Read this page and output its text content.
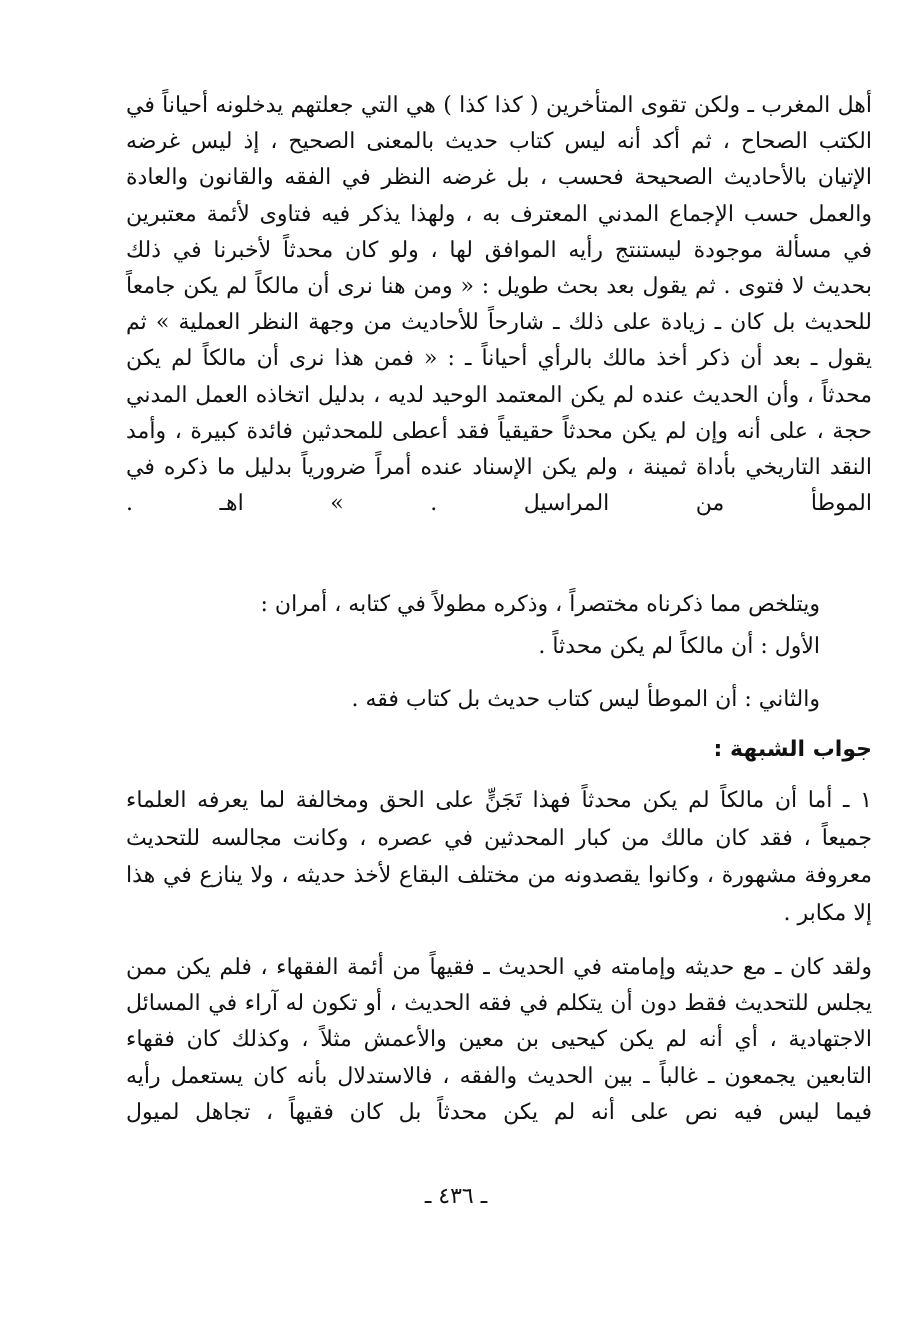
أهل المغرب ـ ولكن تقوى المتأخرين ( كذا كذا ) هي التي جعلتهم يدخلونه أحياناً في الكتب الصحاح ، ثم أكد أنه ليس كتاب حديث بالمعنى الصحيح ، إذ ليس غرضه الإتيان بالأحاديث الصحيحة فحسب ، بل غرضه النظر في الفقه والقانون والعادة والعمل حسب الإجماع المدني المعترف به ، ولهذا يذكر فيه فتاوى لأئمة معتبرين في مسألة موجودة ليستنتج رأيه الموافق لها ، ولو كان محدثاً لأخبرنا في ذلك بحديث لا فتوى . ثم يقول بعد بحث طويل : « ومن هنا نرى أن مالكاً لم يكن جامعاً للحديث بل كان ـ زيادة على ذلك ـ شارحاً للأحاديث من وجهة النظر العملية » ثم يقول ـ بعد أن ذكر أخذ مالك بالرأي أحياناً ـ : « فمن هذا نرى أن مالكاً لم يكن محدثاً ، وأن الحديث عنده لم يكن المعتمد الوحيد لديه ، بدليل اتخاذه العمل المدني حجة ، على أنه وإن لم يكن محدثاً حقيقياً فقد أعطى للمحدثين فائدة كبيرة ، وأمد النقد التاريخي بأداة ثمينة ، ولم يكن الإسناد عنده أمراً ضرورياً بدليل ما ذكره في الموطأ من المراسيل . » اهـ .

ويتلخص مما ذكرناه مختصراً ، وذكره مطولاً في كتابه ، أمران :

الأول : أن مالكاً لم يكن محدثاً .

والثاني : أن الموطأ ليس كتاب حديث بل كتاب فقه .

جواب الشبهة :

١ ـ أما أن مالكاً لم يكن محدثاً فهذا تَجَنٍّ على الحق ومخالفة لما يعرفه العلماء جميعاً ، فقد كان مالك من كبار المحدثين في عصره ، وكانت مجالسه للتحديث معروفة مشهورة ، وكانوا يقصدونه من مختلف البقاع لأخذ حديثه ، ولا ينازع في هذا إلا مكابر .

ولقد كان ـ مع حديثه وإمامته في الحديث ـ فقيهاً من أئمة الفقهاء ، فلم يكن ممن يجلس للتحديث فقط دون أن يتكلم في فقه الحديث ، أو تكون له آراء في المسائل الاجتهادية ، أي أنه لم يكن كيحيى بن معين والأعمش مثلاً ، وكذلك كان فقهاء التابعين يجمعون ـ غالباً ـ بين الحديث والفقه ، فالاستدلال بأنه كان يستعمل رأيه فيما ليس فيه نص على أنه لم يكن محدثاً بل كان فقيهاً ، تجاهل لميول

ـ ٤٣٦ ـ
